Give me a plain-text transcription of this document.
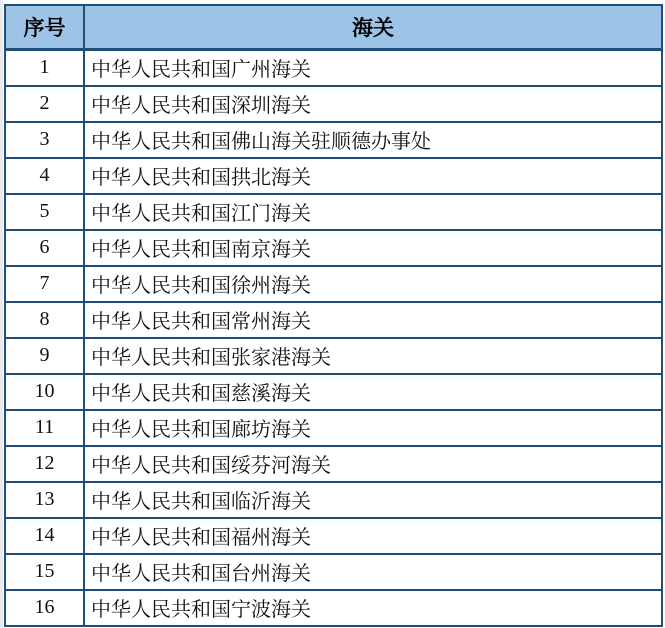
序号	海关
1	中华人民共和国广州海关
2	中华人民共和国深圳海关
3	中华人民共和国佛山海关驻顺德办事处
4	中华人民共和国拱北海关
5	中华人民共和国江门海关
6	中华人民共和国南京海关
7	中华人民共和国徐州海关
8	中华人民共和国常州海关
9	中华人民共和国张家港海关
10	中华人民共和国慈溪海关
11	中华人民共和国廊坊海关
12	中华人民共和国绥芬河海关
13	中华人民共和国临沂海关
14	中华人民共和国福州海关
15	中华人民共和国台州海关
16	中华人民共和国宁波海关
